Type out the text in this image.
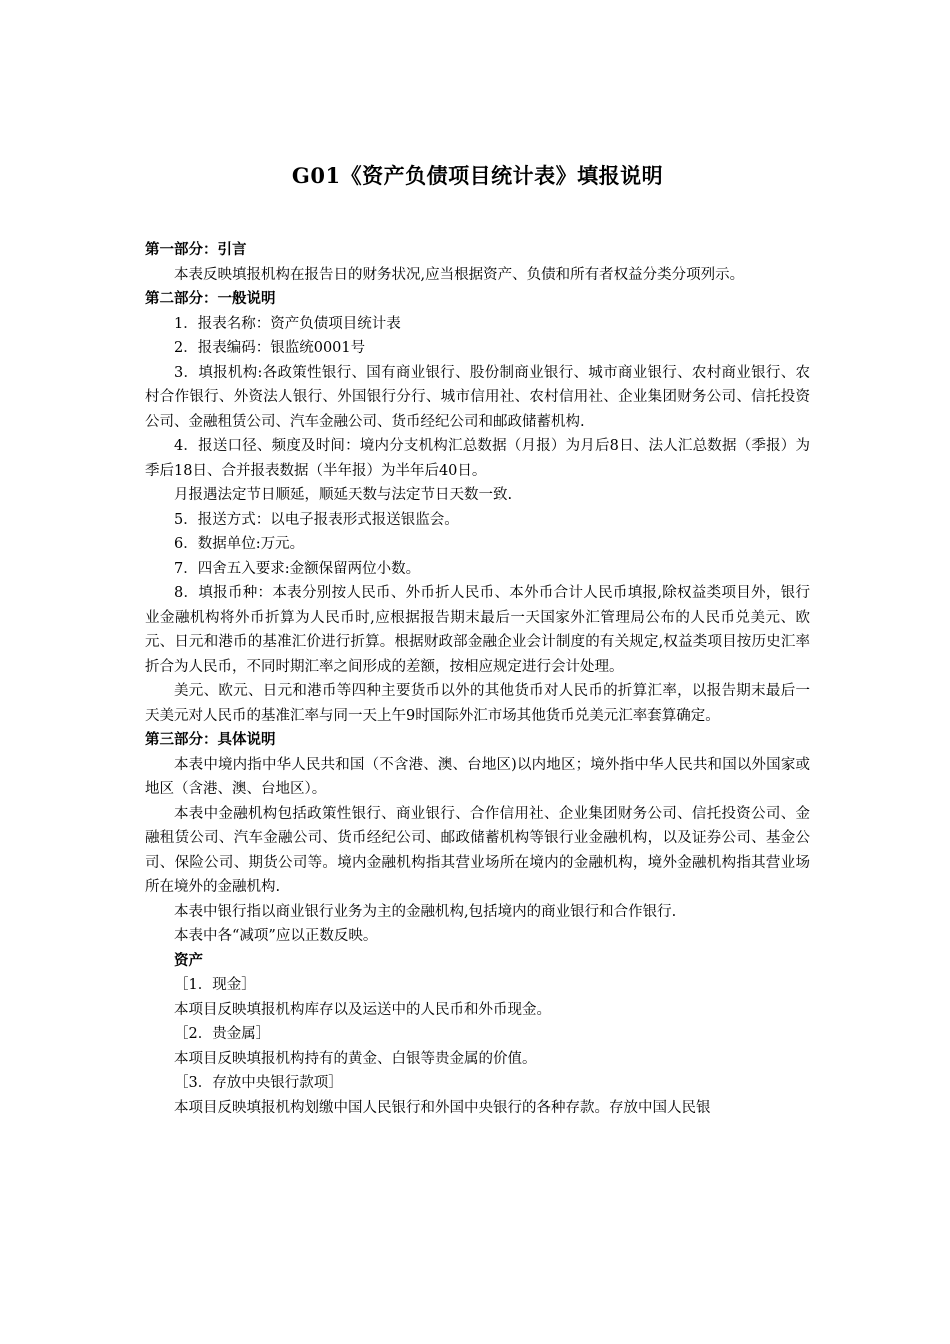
G01《资产负债项目统计表》填报说明

第一部分：引言

本表反映填报机构在报告日的财务状况,应当根据资产、负债和所有者权益分类分项列示。

第二部分：一般说明

1．报表名称：资产负债项目统计表

2．报表编码：银监统0001号

3．填报机构:各政策性银行、国有商业银行、股份制商业银行、城市商业银行、农村商业银行、农村合作银行、外资法人银行、外国银行分行、城市信用社、农村信用社、企业集团财务公司、信托投资公司、金融租赁公司、汽车金融公司、货币经纪公司和邮政储蓄机构.

4．报送口径、频度及时间：境内分支机构汇总数据（月报）为月后8日、法人汇总数据（季报）为季后18日、合并报表数据（半年报）为半年后40日。

月报遇法定节日顺延，顺延天数与法定节日天数一致.

5．报送方式：以电子报表形式报送银监会。

6．数据单位:万元。

7．四舍五入要求:金额保留两位小数。

8．填报币种：本表分别按人民币、外币折人民币、本外币合计人民币填报,除权益类项目外，银行业金融机构将外币折算为人民币时,应根据报告期末最后一天国家外汇管理局公布的人民币兑美元、欧元、日元和港币的基准汇价进行折算。根据财政部金融企业会计制度的有关规定,权益类项目按历史汇率折合为人民币，不同时期汇率之间形成的差额，按相应规定进行会计处理。

美元、欧元、日元和港币等四种主要货币以外的其他货币对人民币的折算汇率，以报告期末最后一天美元对人民币的基准汇率与同一天上午9时国际外汇市场其他货币兑美元汇率套算确定。

第三部分：具体说明

本表中境内指中华人民共和国（不含港、澳、台地区)以内地区；境外指中华人民共和国以外国家或地区（含港、澳、台地区）。

本表中金融机构包括政策性银行、商业银行、合作信用社、企业集团财务公司、信托投资公司、金融租赁公司、汽车金融公司、货币经纪公司、邮政储蓄机构等银行业金融机构，以及证券公司、基金公司、保险公司、期货公司等。境内金融机构指其营业场所在境内的金融机构，境外金融机构指其营业场所在境外的金融机构.

本表中银行指以商业银行业务为主的金融机构,包括境内的商业银行和合作银行.

本表中各“减项”应以正数反映。

资产

［1．现金］

本项目反映填报机构库存以及运送中的人民币和外币现金。

［2．贵金属］

本项目反映填报机构持有的黄金、白银等贵金属的价值。

［3．存放中央银行款项］

本项目反映填报机构划缴中国人民银行和外国中央银行的各种存款。存放中国人民银
